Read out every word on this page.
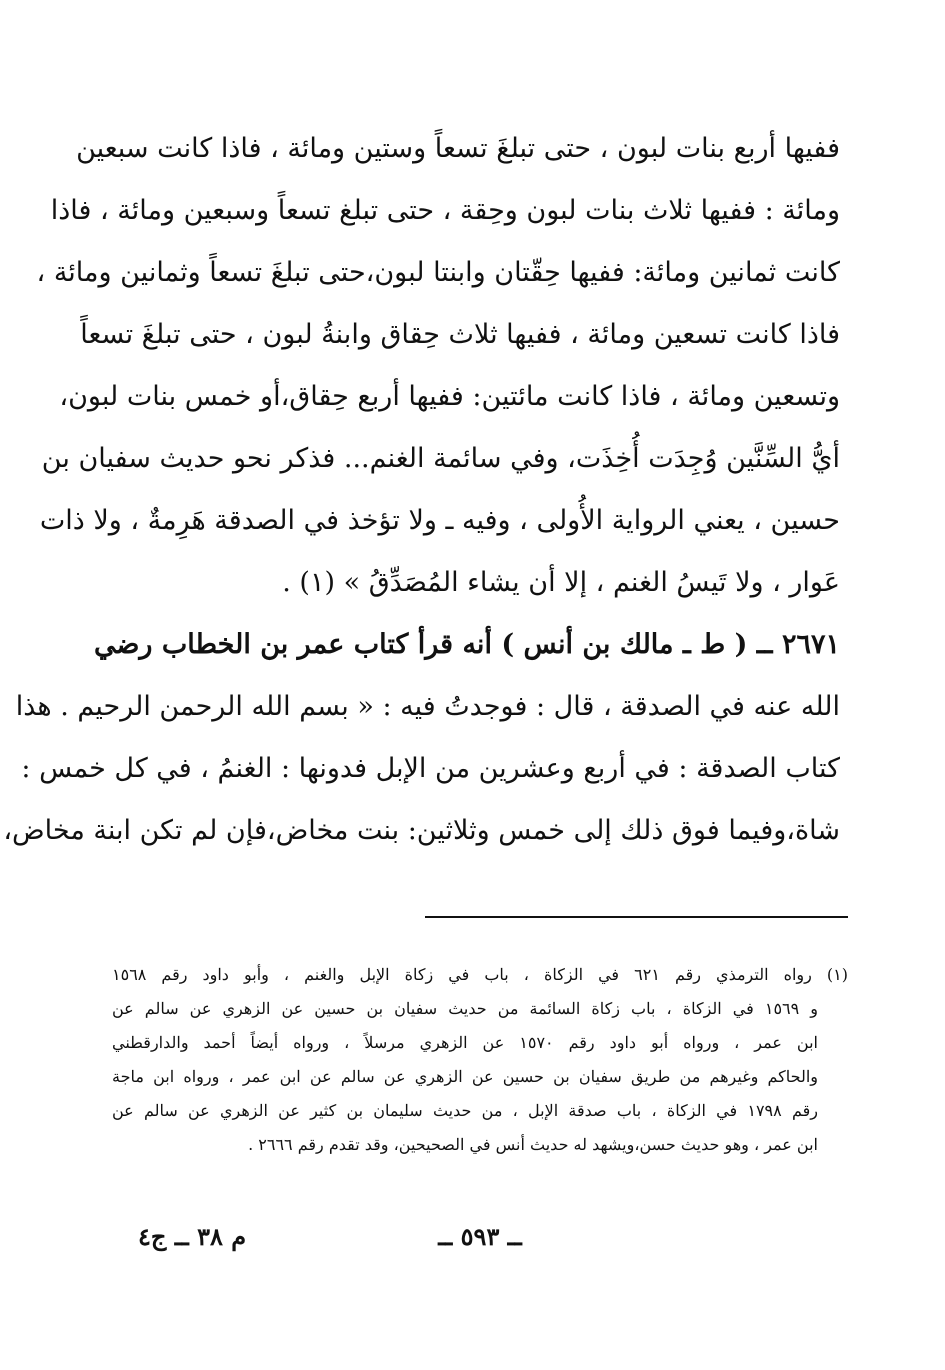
ففيها أربع بنات لبون ، حتى تبلغَ تسعاً وستين ومائة ، فاذا كانت سبعين
ومائة : ففيها ثلاث بنات لبون وحِقة ، حتى تبلغ تسعاً وسبعين ومائة ، فاذا
كانت ثمانين ومائة: ففيها حِقّتان وابنتا لبون،حتى تبلغَ تسعاً وثمانين ومائة ،
فاذا كانت تسعين ومائة ، ففيها ثلاث حِقاق وابنةُ لبون ، حتى تبلغَ تسعاً
وتسعين ومائة ، فاذا كانت مائتين: ففيها أربع حِقاق،أو خمس بنات لبون،
أيُّ السِّنَّين وُجِدَت أُخِذَت، وفي سائمة الغنم... فذكر نحو حديث سفيان بن
حسين ، يعني الرواية الأُولى ، وفيه ـ ولا تؤخذ في الصدقة هَرِمةٌ ، ولا ذات
عَوار ، ولا تَيسُ الغنم ، إلا أن يشاء المُصَدِّقُ » (١) .
٢٦٧١ ــ ( ط ـ مالك بن أنس ) أنه قرأ كتاب عمر بن الخطاب رضي
الله عنه في الصدقة ، قال : فوجدتُ فيه : « بسم الله الرحمن الرحيم . هذا
كتاب الصدقة : في أربع وعشرين من الإبل فدونها : الغنمُ ، في كل خمس :
شاة،وفيما فوق ذلك إلى خمس وثلاثين: بنت مخاض،فإن لم تكن ابنة مخاض،
(١) رواه الترمذي رقم ٦٢١ في الزكاة ، باب في زكاة الإبل والغنم ، وأبو داود رقم ١٥٦٨
و ١٥٦٩ في الزكاة ، باب زكاة السائمة من حديث سفيان بن حسين عن الزهري عن سالم عن
ابن عمر ، ورواه أبو داود رقم ١٥٧٠ عن الزهري مرسلاً ، ورواه أيضاً أحمد والدارقطني
والحاكم وغيرهم من طريق سفيان بن حسين عن الزهري عن سالم عن ابن عمر ، ورواه ابن ماجة
رقم ١٧٩٨ في الزكاة ، باب صدقة الإبل ، من حديث سليمان بن كثير عن الزهري عن سالم عن
ابن عمر ، وهو حديث حسن،ويشهد له حديث أنس في الصحيحين، وقد تقدم رقم ٢٦٦٦ .
ــ ٥٩٣ ــ
م ٣٨ ــ ج٤
